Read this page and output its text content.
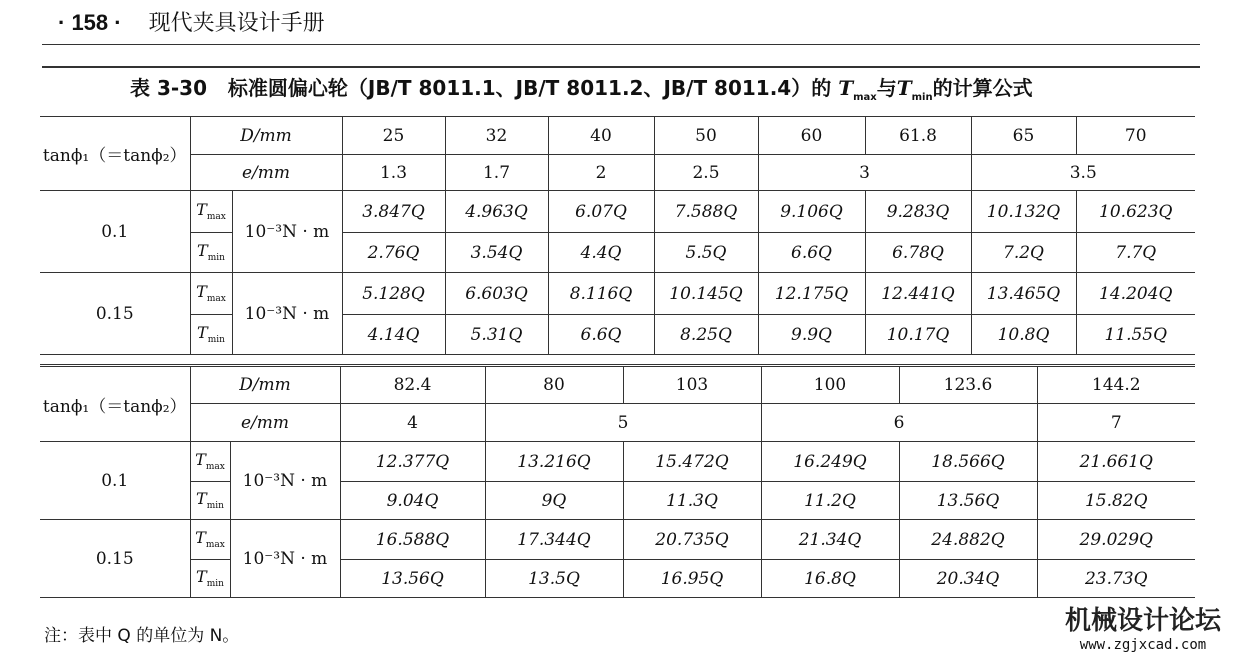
· 158 · 现代夹具设计手册
表 3-30 标准圆偏心轮（JB/T 8011.1、JB/T 8011.2、JB/T 8011.4）的 $T_{max}$与$T_{min}$的计算公式
tanϕ₁（＝tanϕ₂）	D/mm		25	32	40	50	60	61.8	65	70
	e/mm		1.3	1.7	2	2.5	3		3.5	
0.1	$T_{max}$	10⁻³N · m	3.847Q	4.963Q	6.07Q	7.588Q	9.106Q	9.283Q	10.132Q	10.623Q
	$T_{min}$		2.76Q	3.54Q	4.4Q	5.5Q	6.6Q	6.78Q	7.2Q	7.7Q
0.15	$T_{max}$	10⁻³N · m	5.128Q	6.603Q	8.116Q	10.145Q	12.175Q	12.441Q	13.465Q	14.204Q
	$T_{min}$		4.14Q	5.31Q	6.6Q	8.25Q	9.9Q	10.17Q	10.8Q	11.55Q
tanϕ₁（＝tanϕ₂）	D/mm		82.4	80	103	100	123.6	144.2
	e/mm		4	5		6		7
0.1	$T_{max}$	10⁻³N · m	12.377Q	13.216Q	15.472Q	16.249Q	18.566Q	21.661Q
	$T_{min}$		9.04Q	9Q	11.3Q	11.2Q	13.56Q	15.82Q
0.15	$T_{max}$	10⁻³N · m	16.588Q	17.344Q	20.735Q	21.34Q	24.882Q	29.029Q
	$T_{min}$		13.56Q	13.5Q	16.95Q	16.8Q	20.34Q	23.73Q
注：表中 Q 的单位为 N。	机械设计论坛
www.zgjxcad.com
